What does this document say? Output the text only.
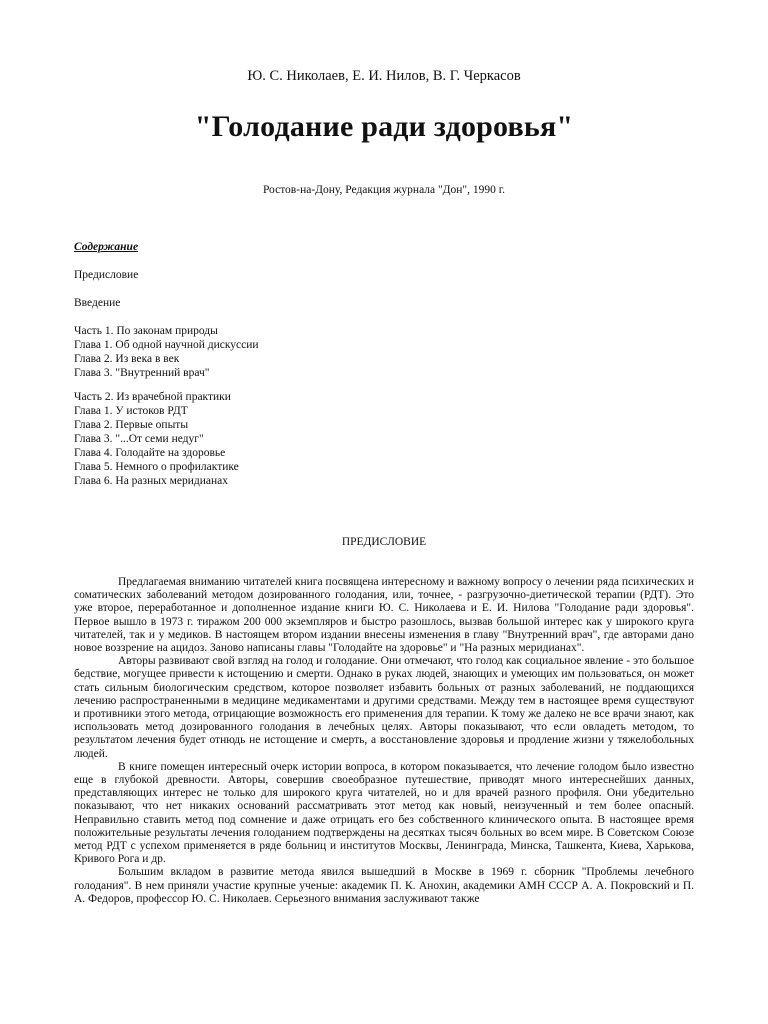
Ю. С. Николаев, Е. И. Нилов, В. Г. Черкасов
"Голодание ради здоровья"
Ростов-на-Дону, Редакция журнала "Дон", 1990 г.
Содержание
Предисловие
Введение
Часть 1. По законам природы
Глава 1. Об одной научной дискуссии
Глава 2. Из века в век
Глава 3. "Внутренний врач"
Часть 2. Из врачебной практики
Глава 1. У истоков РДТ
Глава 2. Первые опыты
Глава 3. "...От семи недуг"
Глава 4. Голодайте на здоровье
Глава 5. Немного о профилактике
Глава 6. На разных меридианах
ПРЕДИСЛОВИЕ

Предлагаемая вниманию читателей книга посвящена интересному и важному вопросу о лечении ряда психических и соматических заболеваний методом дозированного голодания, или, точнее, - разгрузочно-диетической терапии (РДТ). Это уже второе, переработанное и дополненное издание книги Ю. С. Николаева и Е. И. Нилова "Голодание ради здоровья". Первое вышло в 1973 г. тиражом 200 000 экземпляров и быстро разошлось, вызвав большой интерес как у широкого круга читателей, так и у медиков. В настоящем втором издании внесены изменения в главу "Внутренний врач", где авторами дано новое воззрение на ацидоз. Заново написаны главы "Голодайте на здоровье" и "На разных меридианах".

Авторы развивают свой взгляд на голод и голодание. Они отмечают, что голод как социальное явление - это большое бедствие, могущее привести к истощению и смерти. Однако в руках людей, знающих и умеющих им пользоваться, он может стать сильным биологическим средством, которое позволяет избавить больных от разных заболеваний, не поддающихся лечению распространенными в медицине медикаментами и другими средствами. Между тем в настоящее время существуют и противники этого метода, отрицающие возможность его применения для терапии. К тому же далеко не все врачи знают, как использовать метод дозированного голодания в лечебных целях. Авторы показывают, что если овладеть методом, то результатом лечения будет отнюдь не истощение и смерть, а восстановление здоровья и продление жизни у тяжелобольных людей.

В книге помещен интересный очерк истории вопроса, в котором показывается, что лечение голодом было известно еще в глубокой древности. Авторы, совершив своеобразное путешествие, приводят много интереснейших данных, представляющих интерес не только для широкого круга читателей, но и для врачей разного профиля. Они убедительно показывают, что нет никаких оснований рассматривать этот метод как новый, неизученный и тем более опасный. Неправильно ставить метод под сомнение и даже отрицать его без собственного клинического опыта. В настоящее время положительные результаты лечения голоданием подтверждены на десятках тысяч больных во всем мире. В Советском Союзе метод РДТ с успехом применяется в ряде больниц и институтов Москвы, Ленинграда, Минска, Ташкента, Киева, Харькова, Кривого Рога и др.

Большим вкладом в развитие метода явился вышедший в Москве в 1969 г. сборник "Проблемы лечебного голодания". В нем приняли участие крупные ученые: академик П. К. Анохин, академики АМН СССР А. А. Покровский и П. А. Федоров, профессор Ю. С. Николаев. Серьезного внимания заслуживают также
